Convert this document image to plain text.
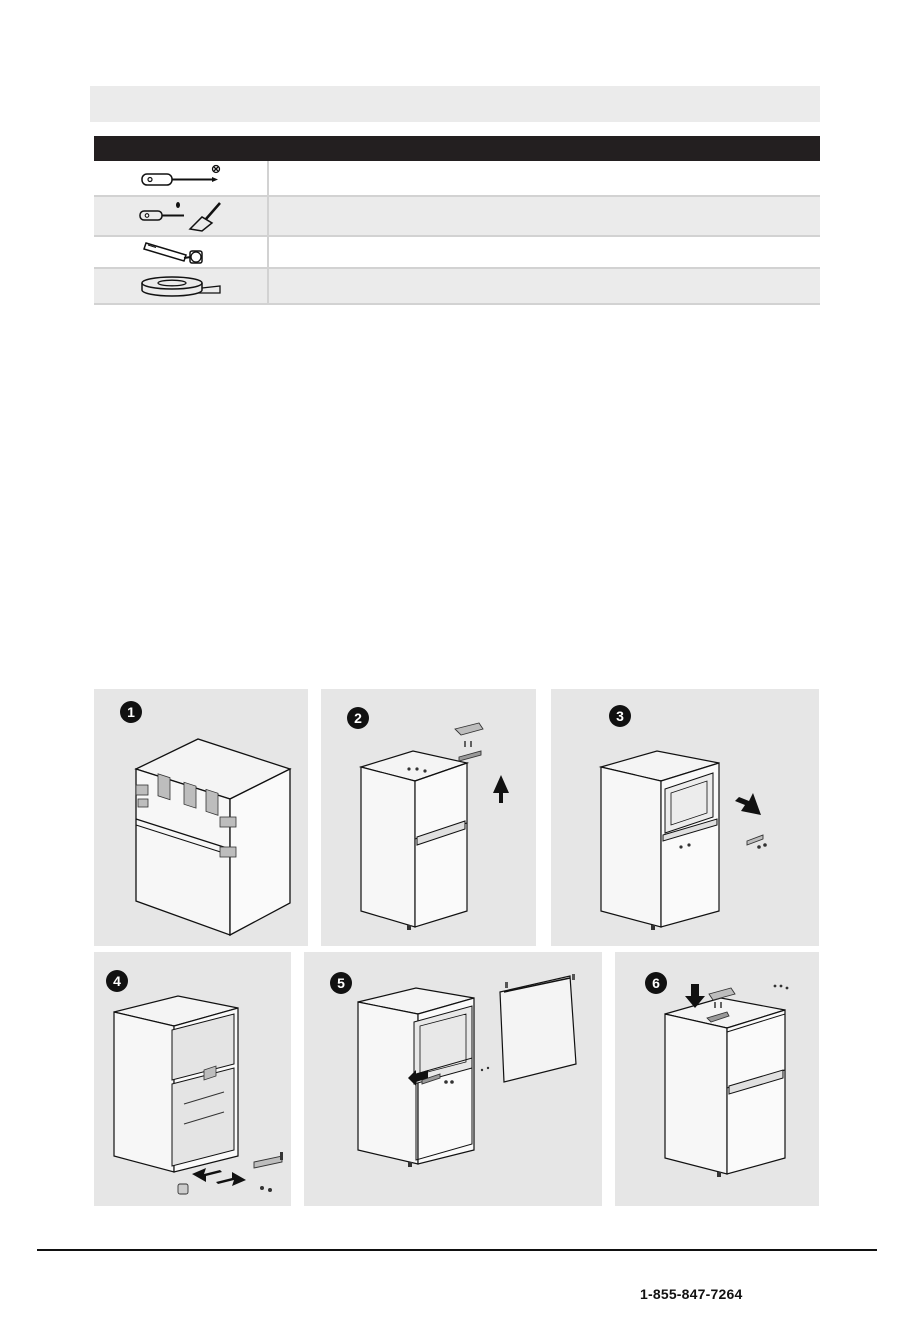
1	2	3
4	5	6
1-855-847-7264
